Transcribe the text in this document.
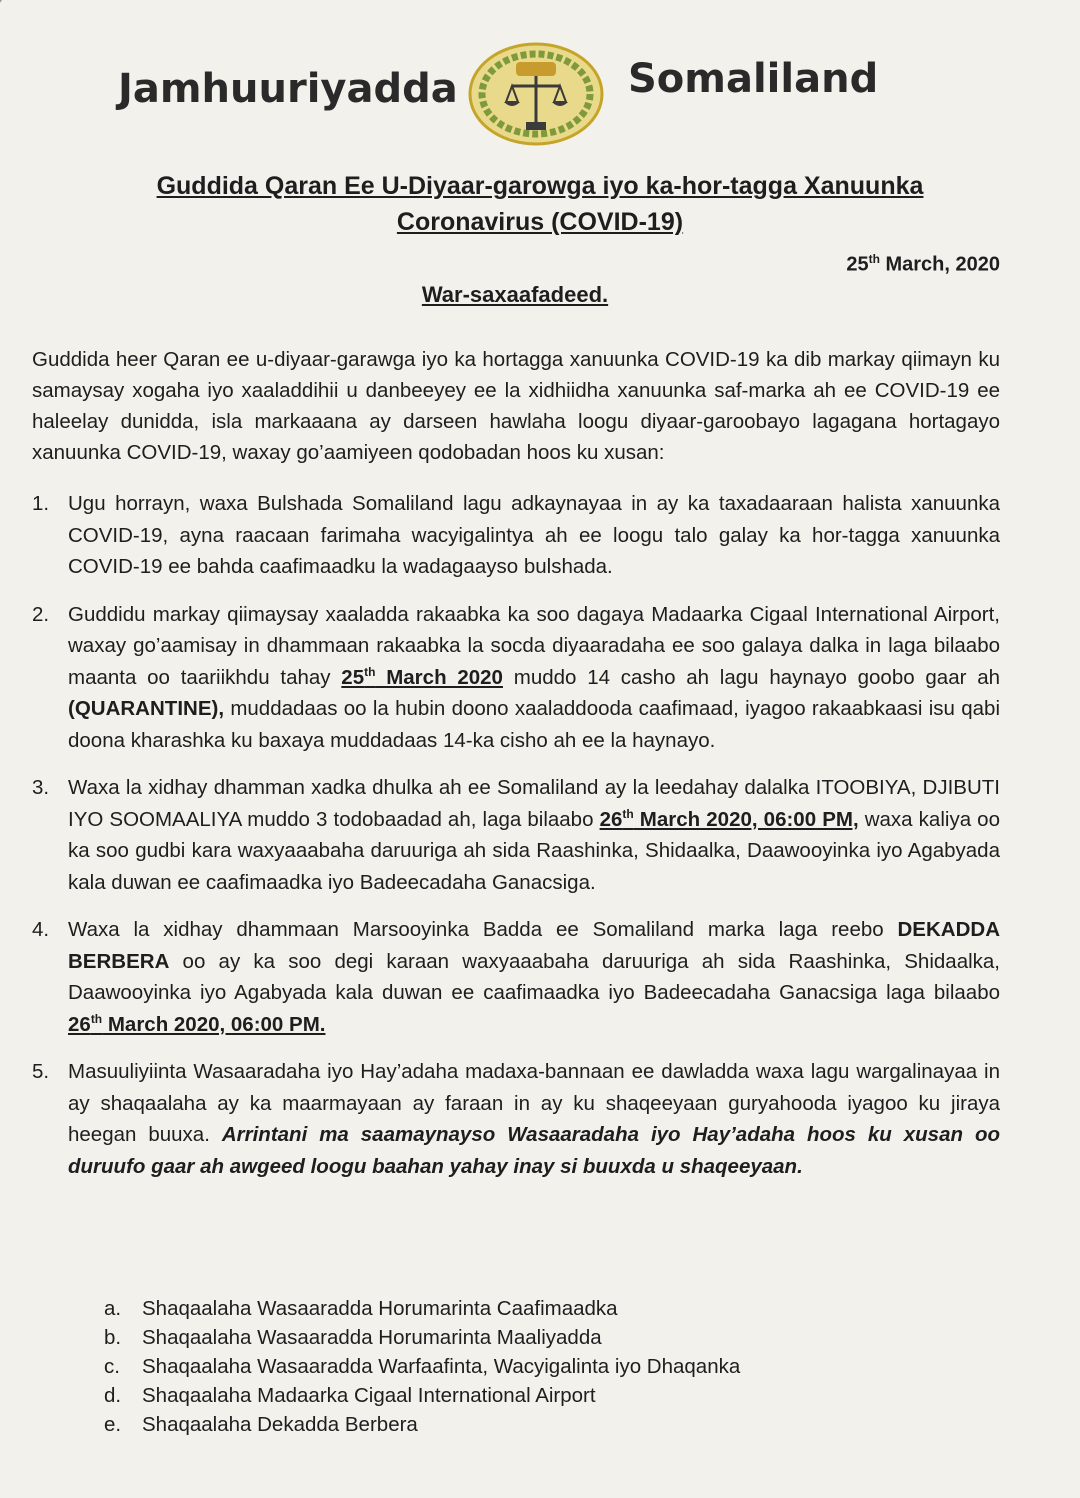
Jamhuuriyadda	Somaliland
Guddida Qaran Ee U-Diyaar-garowga iyo ka-hor-tagga Xanuunka
Coronavirus (COVID-19)
25th March, 2020
War-saxaafadeed.
Guddida heer Qaran ee u-diyaar-garawga iyo ka hortagga xanuunka COVID-19 ka dib markay qiimayn ku samaysay xogaha iyo xaaladdihii u danbeeyey ee la xidhiidha xanuunka saf-marka ah ee COVID-19 ee haleelay dunidda, isla markaaana ay darseen hawlaha loogu diyaar-garoobayo lagagana hortagayo xanuunka COVID-19, waxay go’aamiyeen qodobadan hoos ku xusan:
1. Ugu horrayn, waxa Bulshada Somaliland lagu adkaynayaa in ay ka taxadaaraan halista xanuunka COVID-19, ayna raacaan farimaha wacyigalintya ah ee loogu talo galay ka hor-tagga xanuunka COVID-19 ee bahda caafimaadku la wadagaayso bulshada.
2. Guddidu markay qiimaysay xaaladda rakaabka ka soo dagaya Madaarka Cigaal International Airport, waxay go’aamisay in dhammaan rakaabka la socda diyaaradaha ee soo galaya dalka in laga bilaabo maanta oo taariikhdu tahay 25th March 2020 muddo 14 casho ah lagu haynayo goobo gaar ah (QUARANTINE), muddadaas oo la hubin doono xaaladdooda caafimaad, iyagoo rakaabkaasi isu qabi doona kharashka ku baxaya muddadaas 14-ka cisho ah ee la haynayo.
3. Waxa la xidhay dhamman xadka dhulka ah ee Somaliland ay la leedahay dalalka ITOOBIYA, DJIBUTI IYO SOOMAALIYA muddo 3 todobaadad ah, laga bilaabo 26th March 2020, 06:00 PM, waxa kaliya oo ka soo gudbi kara waxyaaabaha daruuriga ah sida Raashinka, Shidaalka, Daawooyinka iyo Agabyada kala duwan ee caafimaadka iyo Badeecadaha Ganacsiga.
4. Waxa la xidhay dhammaan Marsooyinka Badda ee Somaliland marka laga reebo DEKADDA BERBERA oo ay ka soo degi karaan waxyaaabaha daruuriga ah sida Raashinka, Shidaalka, Daawooyinka iyo Agabyada kala duwan ee caafimaadka iyo Badeecadaha Ganacsiga laga bilaabo 26th March 2020, 06:00 PM.
5. Masuuliyiinta Wasaaradaha iyo Hay’adaha madaxa-bannaan ee dawladda waxa lagu wargalinayaa in ay shaqaalaha ay ka maarmayaan ay faraan in ay ku shaqeeyaan guryahooda iyagoo ku jiraya heegan buuxa. Arrintani ma saamaynayso Wasaaradaha iyo Hay’adaha hoos ku xusan oo duruufo gaar ah awgeed loogu baahan yahay inay si buuxda u shaqeeyaan.
a. Shaqaalaha Wasaaradda Horumarinta Caafimaadka
b. Shaqaalaha Wasaaradda Horumarinta Maaliyadda
c. Shaqaalaha Wasaaradda Warfaafinta, Wacyigalinta iyo Dhaqanka
d. Shaqaalaha Madaarka Cigaal International Airport
e. Shaqaalaha Dekadda Berbera
